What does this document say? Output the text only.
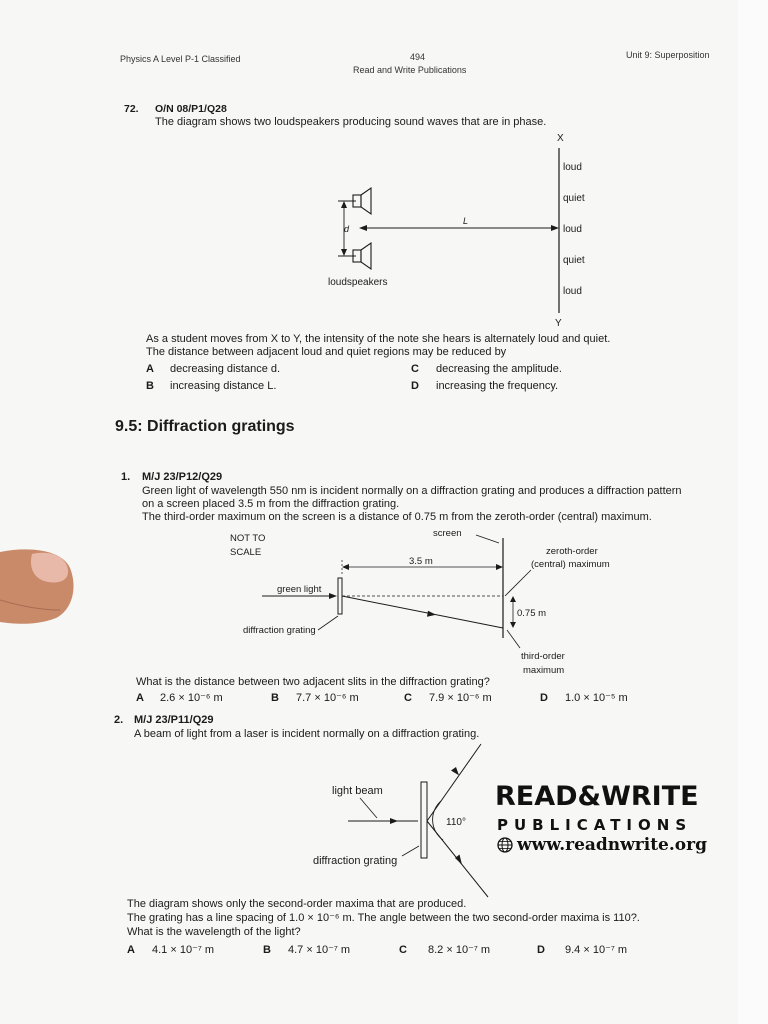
Physics A Level P-1 Classified	494
Read and Write Publications
Unit 9: Superposition
72. O/N 08/P1/Q28
The diagram shows two loudspeakers producing sound waves that are in phase.
X
Y
loud
quiet
loud
quiet
loud
d
L
loudspeakers
As a student moves from X to Y, the intensity of the note she hears is alternately loud and quiet.
The distance between adjacent loud and quiet regions may be reduced by
A decreasing distance d.
B increasing distance L.
C decreasing the amplitude.
D increasing the frequency.
9.5: Diffraction gratings
1. M/J 23/P12/Q29
Green light of wavelength 550 nm is incident normally on a diffraction grating and produces a diffraction pattern
on a screen placed 3.5 m from the diffraction grating.
The third-order maximum on the screen is a distance of 0.75 m from the zeroth-order (central) maximum.
NOT TO
SCALE
screen
3.5 m
zeroth-order
(central) maximum
green light
0.75 m
diffraction grating
third-order
maximum
What is the distance between two adjacent slits in the diffraction grating?
A 2.6 × 10⁻⁶ m	B 7.7 × 10⁻⁶ m	C 7.9 × 10⁻⁶ m	D 1.0 × 10⁻⁵ m
2. M/J 23/P11/Q29
A beam of light from a laser is incident normally on a diffraction grating.
light beam
110°
diffraction grating
READ&WRITE
PUBLICATIONS
www.readnwrite.org
The diagram shows only the second-order maxima that are produced.
The grating has a line spacing of 1.0 × 10⁻⁶ m. The angle between the two second-order maxima is 110?.
What is the wavelength of the light?
A 4.1 × 10⁻⁷ m	B 4.7 × 10⁻⁷ m	C 8.2 × 10⁻⁷ m	D 9.4 × 10⁻⁷ m
